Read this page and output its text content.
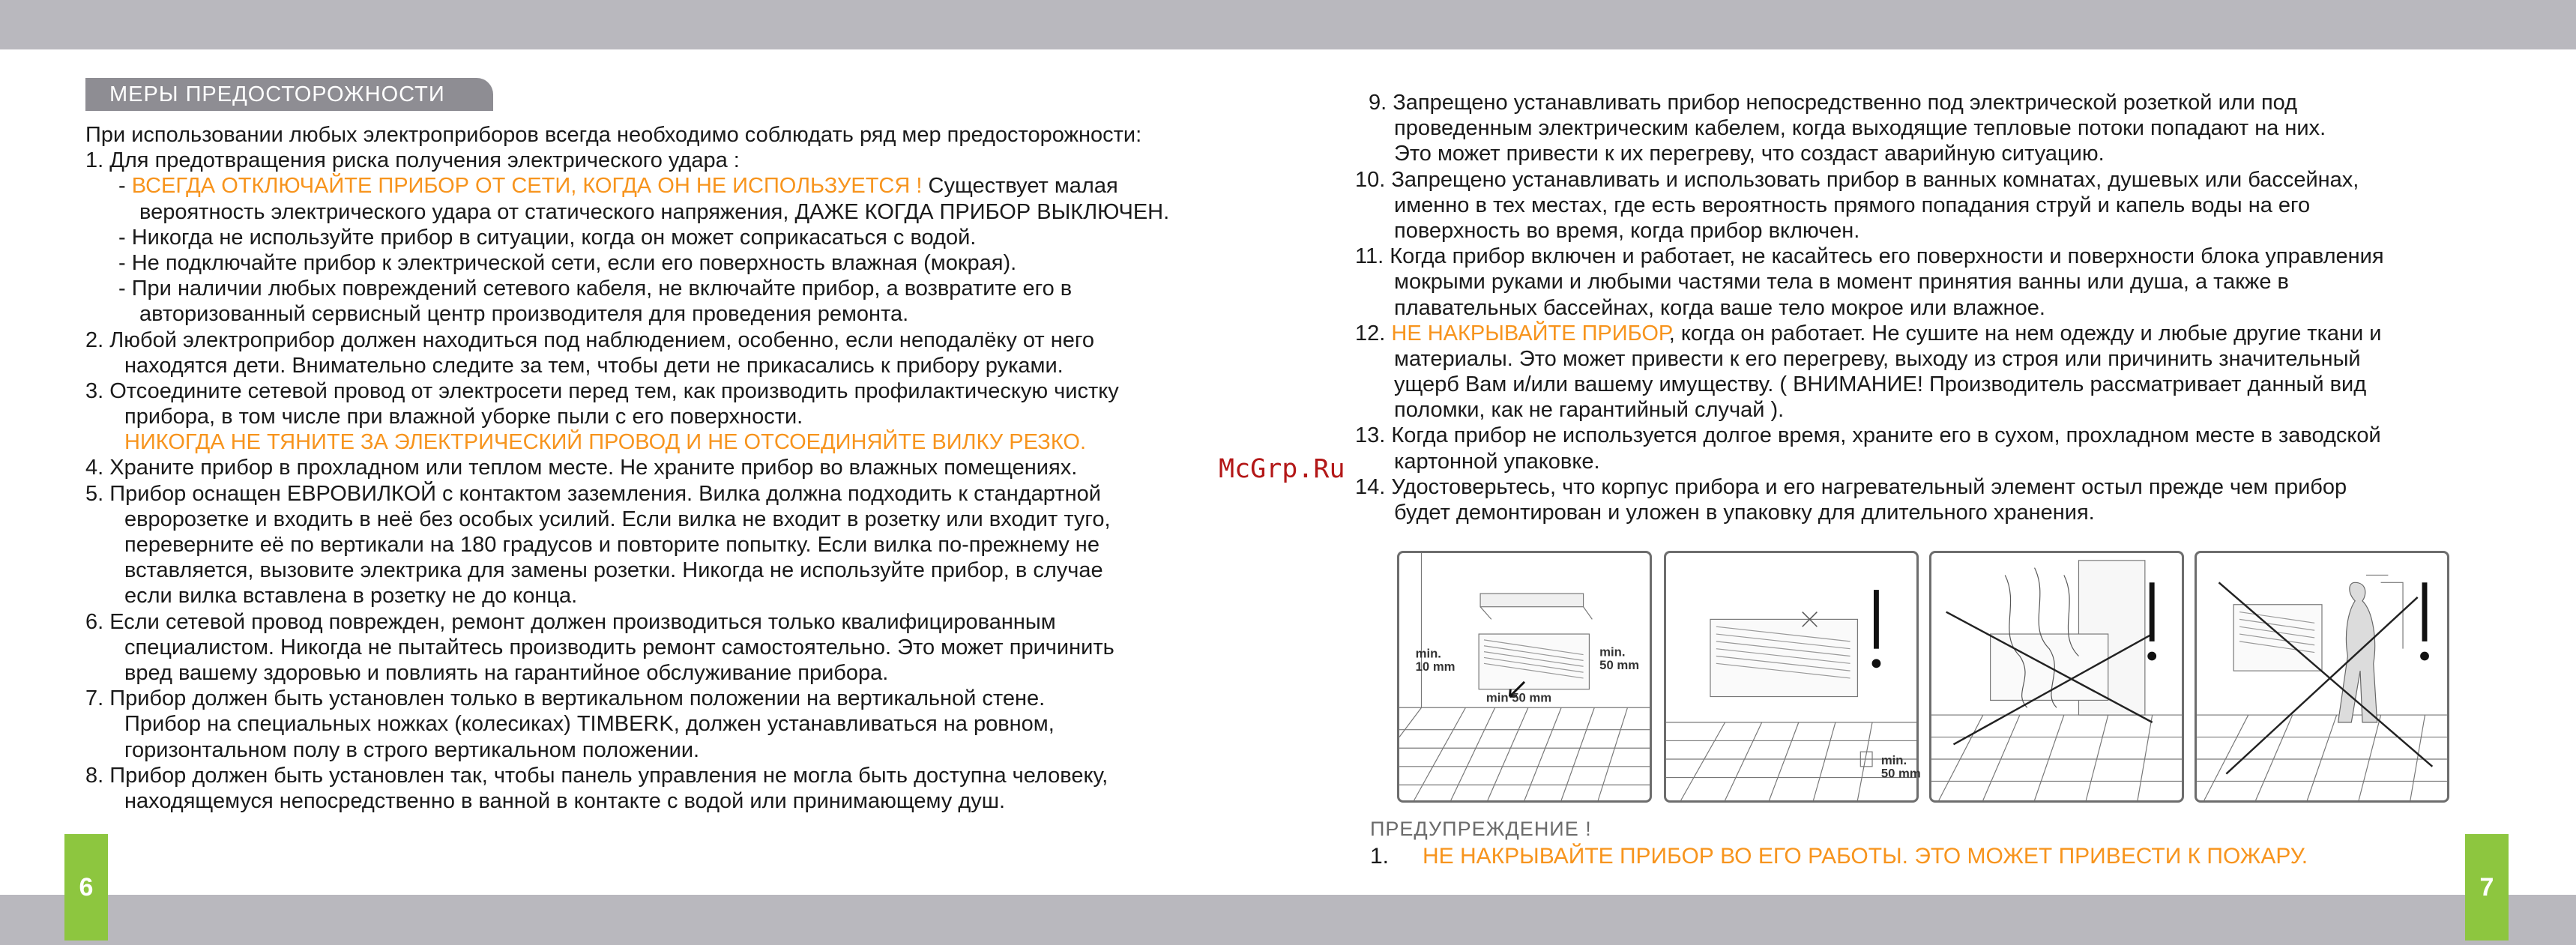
6	7
МЕРЫ ПРЕДОСТОРОЖНОСТИ
При использовании любых электроприборов всегда необходимо соблюдать ряд мер предосторожности:
1. Для предотвращения риска получения электрического удара :
- ВСЕГДА ОТКЛЮЧАЙТЕ ПРИБОР ОТ СЕТИ, КОГДА ОН НЕ ИСПОЛЬЗУЕТСЯ ! Существует малая
вероятность электрического удара от статического напряжения, ДАЖЕ КОГДА ПРИБОР ВЫКЛЮЧЕН.
- Никогда не используйте прибор в ситуации, когда он может соприкасаться с водой.
- Не подключайте прибор к электрической сети, если его поверхность влажная (мокрая).
- При наличии любых повреждений сетевого кабеля, не включайте прибор, а возвратите его в
авторизованный сервисный центр производителя для проведения ремонта.
2. Любой электроприбор должен находиться под наблюдением, особенно, если неподалёку от него
находятся дети. Внимательно следите за тем, чтобы дети не прикасались к прибору руками.
3. Отсоедините сетевой провод от электросети перед тем, как производить профилактическую чистку
прибора, в том числе при влажной уборке пыли с его поверхности.
НИКОГДА НЕ ТЯНИТЕ ЗА ЭЛЕКТРИЧЕСКИЙ ПРОВОД И НЕ ОТСОЕДИНЯЙТЕ ВИЛКУ РЕЗКО.
4. Храните прибор в прохладном или теплом месте. Не храните прибор во влажных помещениях.
5. Прибор оснащен ЕВРОВИЛКОЙ с контактом заземления. Вилка должна подходить к стандартной
евророзетке и входить в неё без особых усилий. Если вилка не входит в розетку или входит туго,
переверните её по вертикали на 180 градусов и повторите попытку. Если вилка по-прежнему не
вставляется, вызовите электрика для замены розетки. Никогда не используйте прибор, в случае
если вилка вставлена в розетку не до конца.
6. Если сетевой провод поврежден, ремонт должен производиться только квалифицированным
специалистом. Никогда не пытайтесь производить ремонт самостоятельно. Это может причинить
вред вашему здоровью и повлиять на гарантийное обслуживание прибора.
7. Прибор должен быть установлен только в вертикальном положении на вертикальной стене.
Прибор на специальных ножках (колесиках) TIMBERK, должен устанавливаться на ровном,
горизонтальном полу в строго вертикальном положении.
8. Прибор должен быть установлен так, чтобы панель управления не могла быть доступна человеку,
находящемуся непосредственно в ванной в контакте с водой или принимающему душ.
9. Запрещено устанавливать прибор непосредственно под электрической розеткой или под
проведенным электрическим кабелем, когда выходящие тепловые потоки попадают на них.
Это может привести к их перегреву, что создаст аварийную ситуацию.
10. Запрещено устанавливать и использовать прибор в ванных комнатах, душевых или бассейнах,
именно в тех местах, где есть вероятность прямого попадания струй и капель воды на его
поверхность во время, когда прибор включен.
11. Когда прибор включен и работает, не касайтесь его поверхности и поверхности блока управления
мокрыми руками и любыми частями тела в момент принятия ванны или душа, а также в
плавательных бассейнах, когда ваше тело мокрое или влажное.
12. НЕ НАКРЫВАЙТЕ ПРИБОР, когда он работает. Не сушите на нем одежду и любые другие ткани и
материалы. Это может привести к его перегреву, выходу из строя или причинить значительный
ущерб Вам и/или вашему имуществу. ( ВНИМАНИЕ! Производитель рассматривает данный вид
поломки, как не гарантийный случай ).
13. Когда прибор не используется долгое время, храните его в сухом, прохладном месте в заводской
картонной упаковке.
14. Удостоверьтесь, что корпус прибора и его нагревательный элемент остыл прежде чем прибор
будет демонтирован и уложен в упаковку для длительного хранения.
McGrp.Ru
min.
10 mm
min.
50 mm
min 50 mm
min.
50 mm
ПРЕДУПРЕЖДЕНИЕ !
1. НЕ НАКРЫВАЙТЕ ПРИБОР ВО ЕГО РАБОТЫ. ЭТО МОЖЕТ ПРИВЕСТИ К ПОЖАРУ.
